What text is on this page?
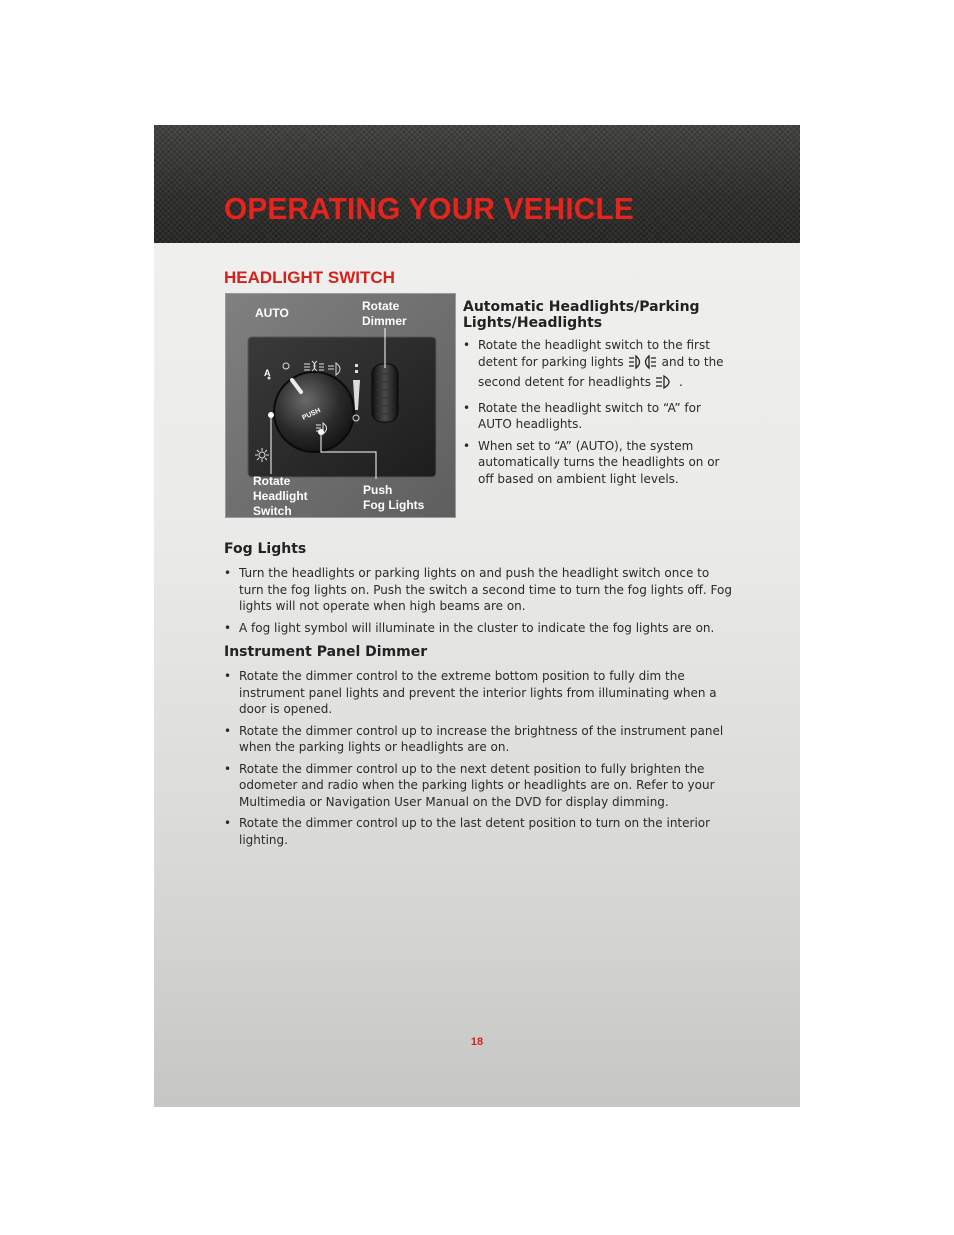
OPERATING YOUR VEHICLE
HEADLIGHT SWITCH
AUTO	Rotate
Dimmer
Rotate
Headlight
Switch
Push
Fog Lights
A
PUSH
Automatic Headlights/Parking Lights/Headlights
• Rotate the headlight switch to the first detent for parking lights	and to the second detent for headlights .
• Rotate the headlight switch to “A” for AUTO headlights.
• When set to “A” (AUTO), the system automatically turns the headlights on or off based on ambient light levels.
Fog Lights
• Turn the headlights or parking lights on and push the headlight switch once to turn the fog lights on. Push the switch a second time to turn the fog lights off. Fog lights will not operate when high beams are on.
• A fog light symbol will illuminate in the cluster to indicate the fog lights are on.
Instrument Panel Dimmer
• Rotate the dimmer control to the extreme bottom position to fully dim the instrument panel lights and prevent the interior lights from illuminating when a door is opened.
• Rotate the dimmer control up to increase the brightness of the instrument panel when the parking lights or headlights are on.
• Rotate the dimmer control up to the next detent position to fully brighten the odometer and radio when the parking lights or headlights are on. Refer to your Multimedia or Navigation User Manual on the DVD for display dimming.
• Rotate the dimmer control up to the last detent position to turn on the interior lighting.
18
